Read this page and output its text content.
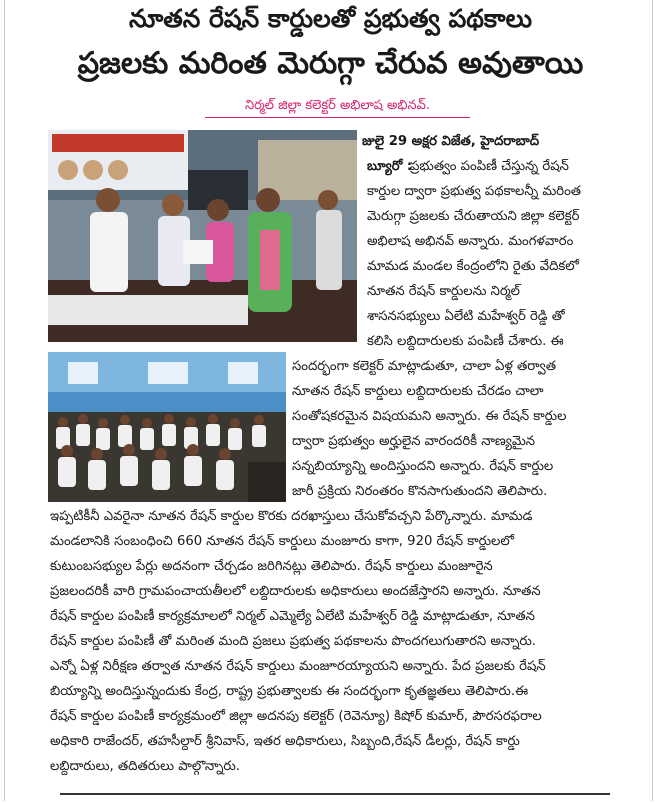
నూతన రేషన్ కార్డులతో ప్రభుత్వ పథకాలు
ప్రజలకు మరింత మెరుగ్గా చేరువ అవుతాయి
నిర్మల్ జిల్లా కలెక్టర్ అభిలాష అభినవ్.
జులై 29 అక్షర విజేత, హైదరాబాద్
బ్యూరో :
ప్రభుత్వం పంపిణీ చేస్తున్న రేషన్
కార్డుల ద్వారా ప్రభుత్వ పథకాలన్నీ మరింత
మెరుగ్గా ప్రజలకు చేరుతాయని జిల్లా కలెక్టర్
అభిలాష అభినవ్ అన్నారు. మంగళవారం
మామడ మండల కేంద్రంలోని రైతు వేదికలో
నూతన రేషన్ కార్డులను నిర్మల్
శాసనసభ్యులు ఏలేటి మహేశ్వర్ రెడ్డి తో
కలిసి లబ్దిదారులకు పంపిణీ చేశారు. ఈ
సందర్భంగా కలెక్టర్ మాట్లాడుతూ, చాలా ఏళ్ల తర్వాత
నూతన రేషన్ కార్డులు లబ్దిదారులకు చేరడం చాలా
సంతోషకరమైన విషయమని అన్నారు. ఈ రేషన్ కార్డుల
ద్వారా ప్రభుత్వం అర్హులైన వారందరికీ నాణ్యమైన
సన్నబియ్యాన్ని అందిస్తుందని అన్నారు. రేషన్ కార్డుల
జారీ ప్రక్రియ నిరంతరం కొనసాగుతుందని తెలిపారు.
ఇప్పటికీనీ ఎవరైనా నూతన రేషన్ కార్డుల కొరకు దరఖాస్తులు చేసుకోవచ్చని పేర్కొన్నారు. మామడ
మండలానికి సంబంధించి 660 నూతన రేషన్ కార్డులు మంజూరు కాగా, 920 రేషన్ కార్డులలో
కుటుంబసభ్యుల పేర్లు అదనంగా చేర్చడం జరిగినట్లు తెలిపారు. రేషన్ కార్డులు మంజూరైన
ప్రజలందరికీ వారి గ్రామపంచాయతీలలో లబ్దిదారులకు అధికారులు అందజేస్తారని అన్నారు. నూతన
రేషన్ కార్డుల పంపిణీ కార్యక్రమాలలో నిర్మల్ ఎమ్మెల్యే ఏలేటి మహేశ్వర్ రెడ్డి మాట్లాడుతూ, నూతన
రేషన్ కార్డుల పంపిణీ తో మరింత మంది ప్రజలు ప్రభుత్వ పథకాలను పొందగలుగుతారని అన్నారు.
ఎన్నో ఏళ్ల నిరీక్షణ తర్వాత నూతన రేషన్ కార్డులు మంజూరయ్యాయని అన్నారు. పేద ప్రజలకు రేషన్
బియ్యాన్ని అందిస్తున్నందుకు కేంద్ర, రాష్ట్ర ప్రభుత్వాలకు ఈ సందర్భంగా కృతజ్ఞతలు తెలిపారు.ఈ
రేషన్ కార్డుల పంపిణీ కార్యక్రమంలో జిల్లా అదనపు కలెక్టర్ (రెవెన్యూ) కిషోర్ కుమార్, పౌరసరఫరాల
అధికారి రాజేందర్, తహసీల్దార్ శ్రీనివాస్, ఇతర అధికారులు, సిబ్బంది,రేషన్ డీలర్లు, రేషన్ కార్డు
లబ్దిదారులు, తదితరులు పాల్గొన్నారు.
